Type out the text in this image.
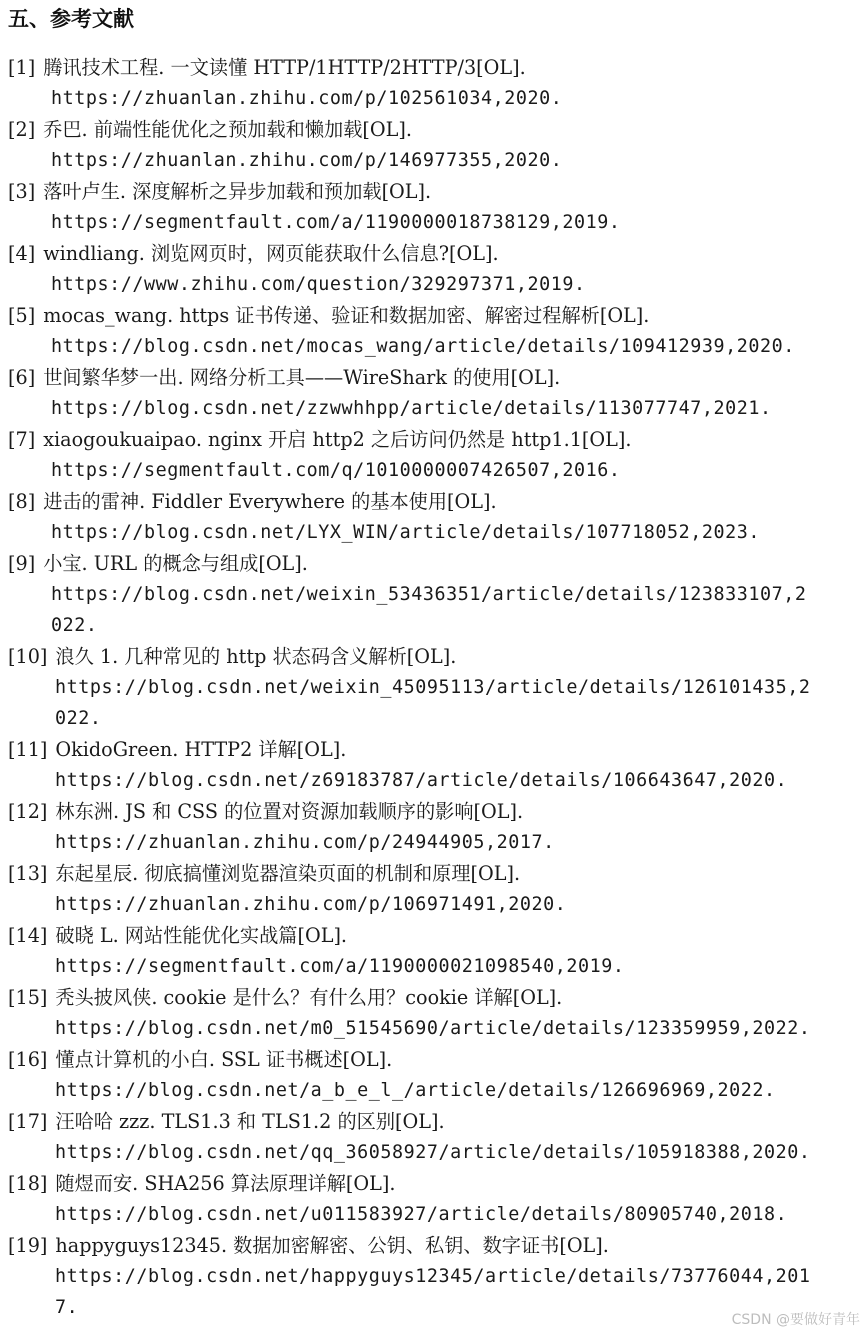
五、参考文献
[1] 腾讯技术工程. 一文读懂 HTTP/1HTTP/2HTTP/3[OL].
https://zhuanlan.zhihu.com/p/102561034,2020.
[2] 乔巴. 前端性能优化之预加载和懒加载[OL].
https://zhuanlan.zhihu.com/p/146977355,2020.
[3] 落叶卢生. 深度解析之异步加载和预加载[OL].
https://segmentfault.com/a/1190000018738129,2019.
[4] windliang. 浏览网页时，网页能获取什么信息?[OL].
https://www.zhihu.com/question/329297371,2019.
[5] mocas_wang. https 证书传递、验证和数据加密、解密过程解析[OL].
https://blog.csdn.net/mocas_wang/article/details/109412939,2020.
[6] 世间繁华梦一出. 网络分析工具——WireShark 的使用[OL].
https://blog.csdn.net/zzwwhhpp/article/details/113077747,2021.
[7] xiaogoukuaipao. nginx 开启 http2 之后访问仍然是 http1.1[OL].
https://segmentfault.com/q/1010000007426507,2016.
[8] 进击的雷神. Fiddler Everywhere 的基本使用[OL].
https://blog.csdn.net/LYX_WIN/article/details/107718052,2023.
[9] 小宝. URL 的概念与组成[OL].
https://blog.csdn.net/weixin_53436351/article/details/123833107,2
022.
[10] 浪久 1. 几种常见的 http 状态码含义解析[OL].
https://blog.csdn.net/weixin_45095113/article/details/126101435,2
022.
[11] OkidoGreen. HTTP2 详解[OL].
https://blog.csdn.net/z69183787/article/details/106643647,2020.
[12] 林东洲. JS 和 CSS 的位置对资源加载顺序的影响[OL].
https://zhuanlan.zhihu.com/p/24944905,2017.
[13] 东起星辰. 彻底搞懂浏览器渲染页面的机制和原理[OL].
https://zhuanlan.zhihu.com/p/106971491,2020.
[14] 破晓 L. 网站性能优化实战篇[OL].
https://segmentfault.com/a/1190000021098540,2019.
[15] 秃头披风侠. cookie 是什么？有什么用？cookie 详解[OL].
https://blog.csdn.net/m0_51545690/article/details/123359959,2022.
[16] 懂点计算机的小白. SSL 证书概述[OL].
https://blog.csdn.net/a_b_e_l_/article/details/126696969,2022.
[17] 汪哈哈 zzz. TLS1.3 和 TLS1.2 的区别[OL].
https://blog.csdn.net/qq_36058927/article/details/105918388,2020.
[18] 随煜而安. SHA256 算法原理详解[OL].
https://blog.csdn.net/u011583927/article/details/80905740,2018.
[19] happyguys12345. 数据加密解密、公钥、私钥、数字证书[OL].
https://blog.csdn.net/happyguys12345/article/details/73776044,201
7.
CSDN @要做好青年
